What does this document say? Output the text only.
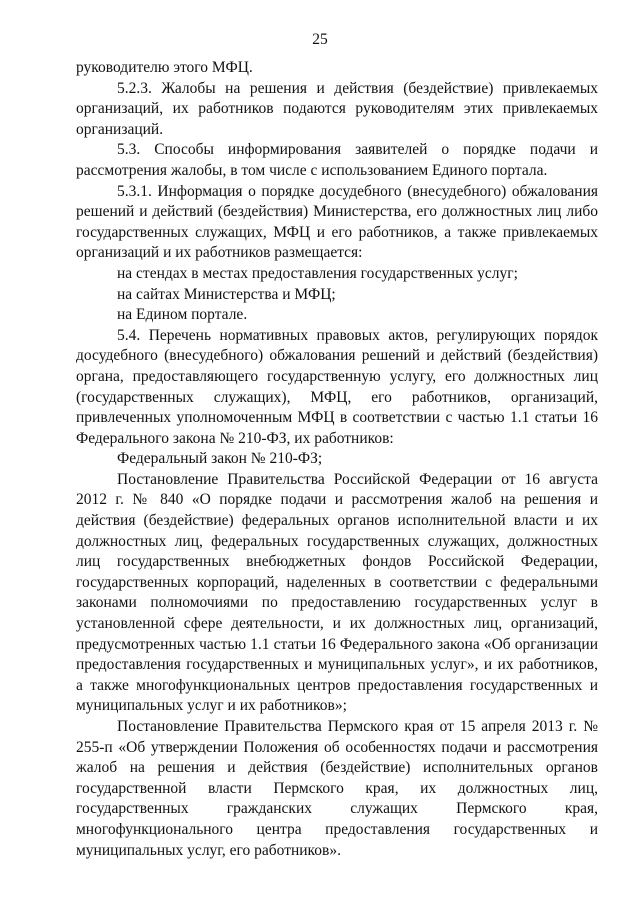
25

руководителю этого МФЦ.

5.2.3. Жалобы на решения и действия (бездействие) привлекаемых организаций, их работников подаются руководителям этих привлекаемых организаций.

5.3. Способы информирования заявителей о порядке подачи и рассмотрения жалобы, в том числе с использованием Единого портала.

5.3.1. Информация о порядке досудебного (внесудебного) обжалования решений и действий (бездействия) Министерства, его должностных лиц либо государственных служащих, МФЦ и его работников, а также привлекаемых организаций и их работников размещается:

на стендах в местах предоставления государственных услуг;

на сайтах Министерства и МФЦ;

на Едином портале.

5.4. Перечень нормативных правовых актов, регулирующих порядок досудебного (внесудебного) обжалования решений и действий (бездействия) органа, предоставляющего государственную услугу, его должностных лиц (государственных служащих), МФЦ, его работников, организаций, привлеченных уполномоченным МФЦ в соответствии с частью 1.1 статьи 16 Федерального закона № 210-ФЗ, их работников:

Федеральный закон № 210-ФЗ;

Постановление Правительства Российской Федерации от 16 августа 2012 г. № 840 «О порядке подачи и рассмотрения жалоб на решения и действия (бездействие) федеральных органов исполнительной власти и их должностных лиц, федеральных государственных служащих, должностных лиц государственных внебюджетных фондов Российской Федерации, государственных корпораций, наделенных в соответствии с федеральными законами полномочиями по предоставлению государственных услуг в установленной сфере деятельности, и их должностных лиц, организаций, предусмотренных частью 1.1 статьи 16 Федерального закона «Об организации предоставления государственных и муниципальных услуг», и их работников, а также многофункциональных центров предоставления государственных и муниципальных услуг и их работников»;

Постановление Правительства Пермского края от 15 апреля 2013 г. № 255-п «Об утверждении Положения об особенностях подачи и рассмотрения жалоб на решения и действия (бездействие) исполнительных органов государственной власти Пермского края, их должностных лиц, государственных гражданских служащих Пермского края, многофункционального центра предоставления государственных и муниципальных услуг, его работников».
